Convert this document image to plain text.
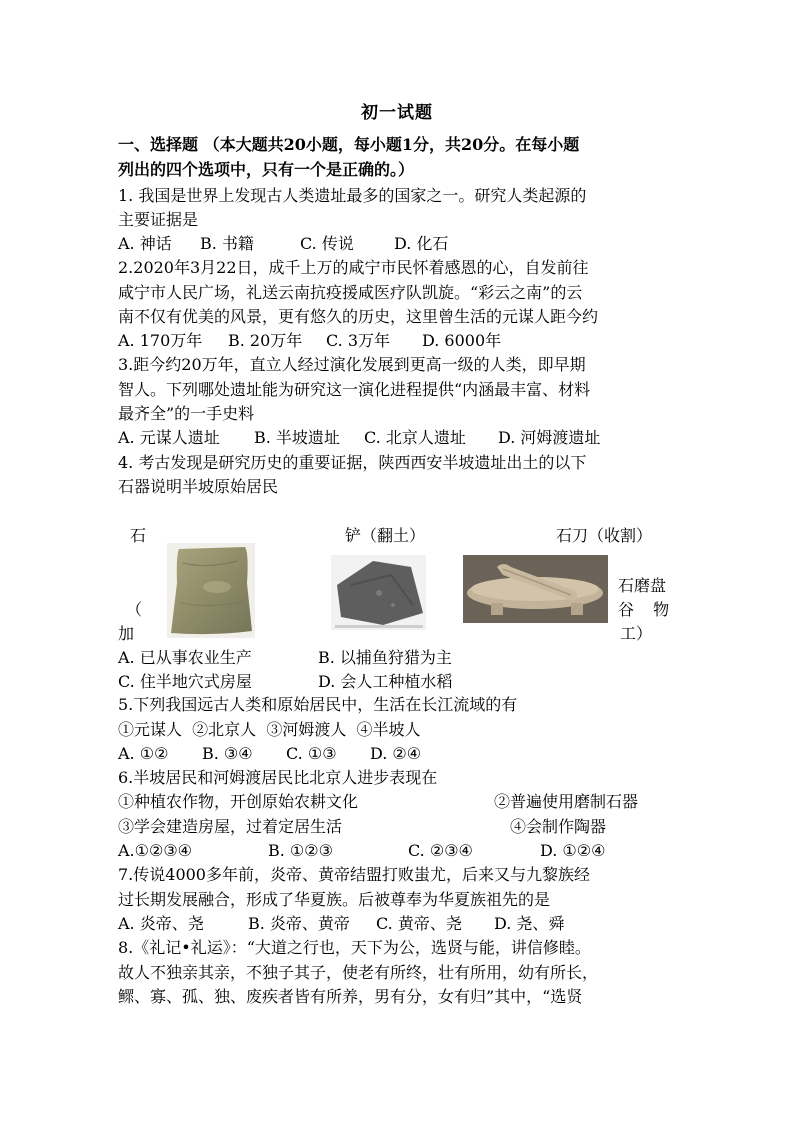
初一试题
一、选择题 （本大题共20小题，每小题1分，共20分。在每小题
列出的四个选项中，只有一个是正确的。）
1. 我国是世界上发现古人类遗址最多的国家之一。研究人类起源的
主要证据是
A. 神话 B. 书籍	C. 传说	D. 化石
2.2020年3月22日，成千上万的咸宁市民怀着感恩的心，自发前往
咸宁市人民广场，礼送云南抗疫援咸医疗队凯旋。“彩云之南”的云
南不仅有优美的风景，更有悠久的历史，这里曾生活的元谋人距今约
A. 170万年 B. 20万年 C. 3万年 D. 6000年
3.距今约20万年，直立人经过演化发展到更高一级的人类，即早期
智人。下列哪处遗址能为研究这一演化进程提供“内涵最丰富、材料
最齐全”的一手史料
A. 元谋人遗址 B. 半坡遗址 C. 北京人遗址 D. 河姆渡遗址
4. 考古发现是研究历史的重要证据，陕西西安半坡遗址出土的以下
石器说明半坡原始居民
石	铲（翻土）	石刀（收割）
（
加
石磨盘
谷 物
工）
A. 已从事农业生产	B. 以捕鱼狩猎为主
C. 住半地穴式房屋	D. 会人工种植水稻
5.下列我国远古人类和原始居民中，生活在长江流域的有
①元谋人  ②北京人  ③河姆渡人  ④半坡人
A. ①② B. ③④ C. ①③ D. ②④
6.半坡居民和河姆渡居民比北京人进步表现在
①种植农作物，开创原始农耕文化	②普遍使用磨制石器
③学会建造房屋，过着定居生活	④会制作陶器
A.①②③④	B. ①②③	C. ②③④	D. ①②④
7.传说4000多年前，炎帝、黄帝结盟打败蚩尤，后来又与九黎族经
过长期发展融合，形成了华夏族。后被尊奉为华夏族祖先的是
A. 炎帝、尧	B. 炎帝、黄帝 C. 黄帝、尧 D. 尧、舜
8.《礼记•礼运》：“大道之行也，天下为公，选贤与能，讲信修睦。
故人不独亲其亲，不独子其子，使老有所终，壮有所用，幼有所长，
鳏、寡、孤、独、废疾者皆有所养，男有分，女有归”其中，“选贤
